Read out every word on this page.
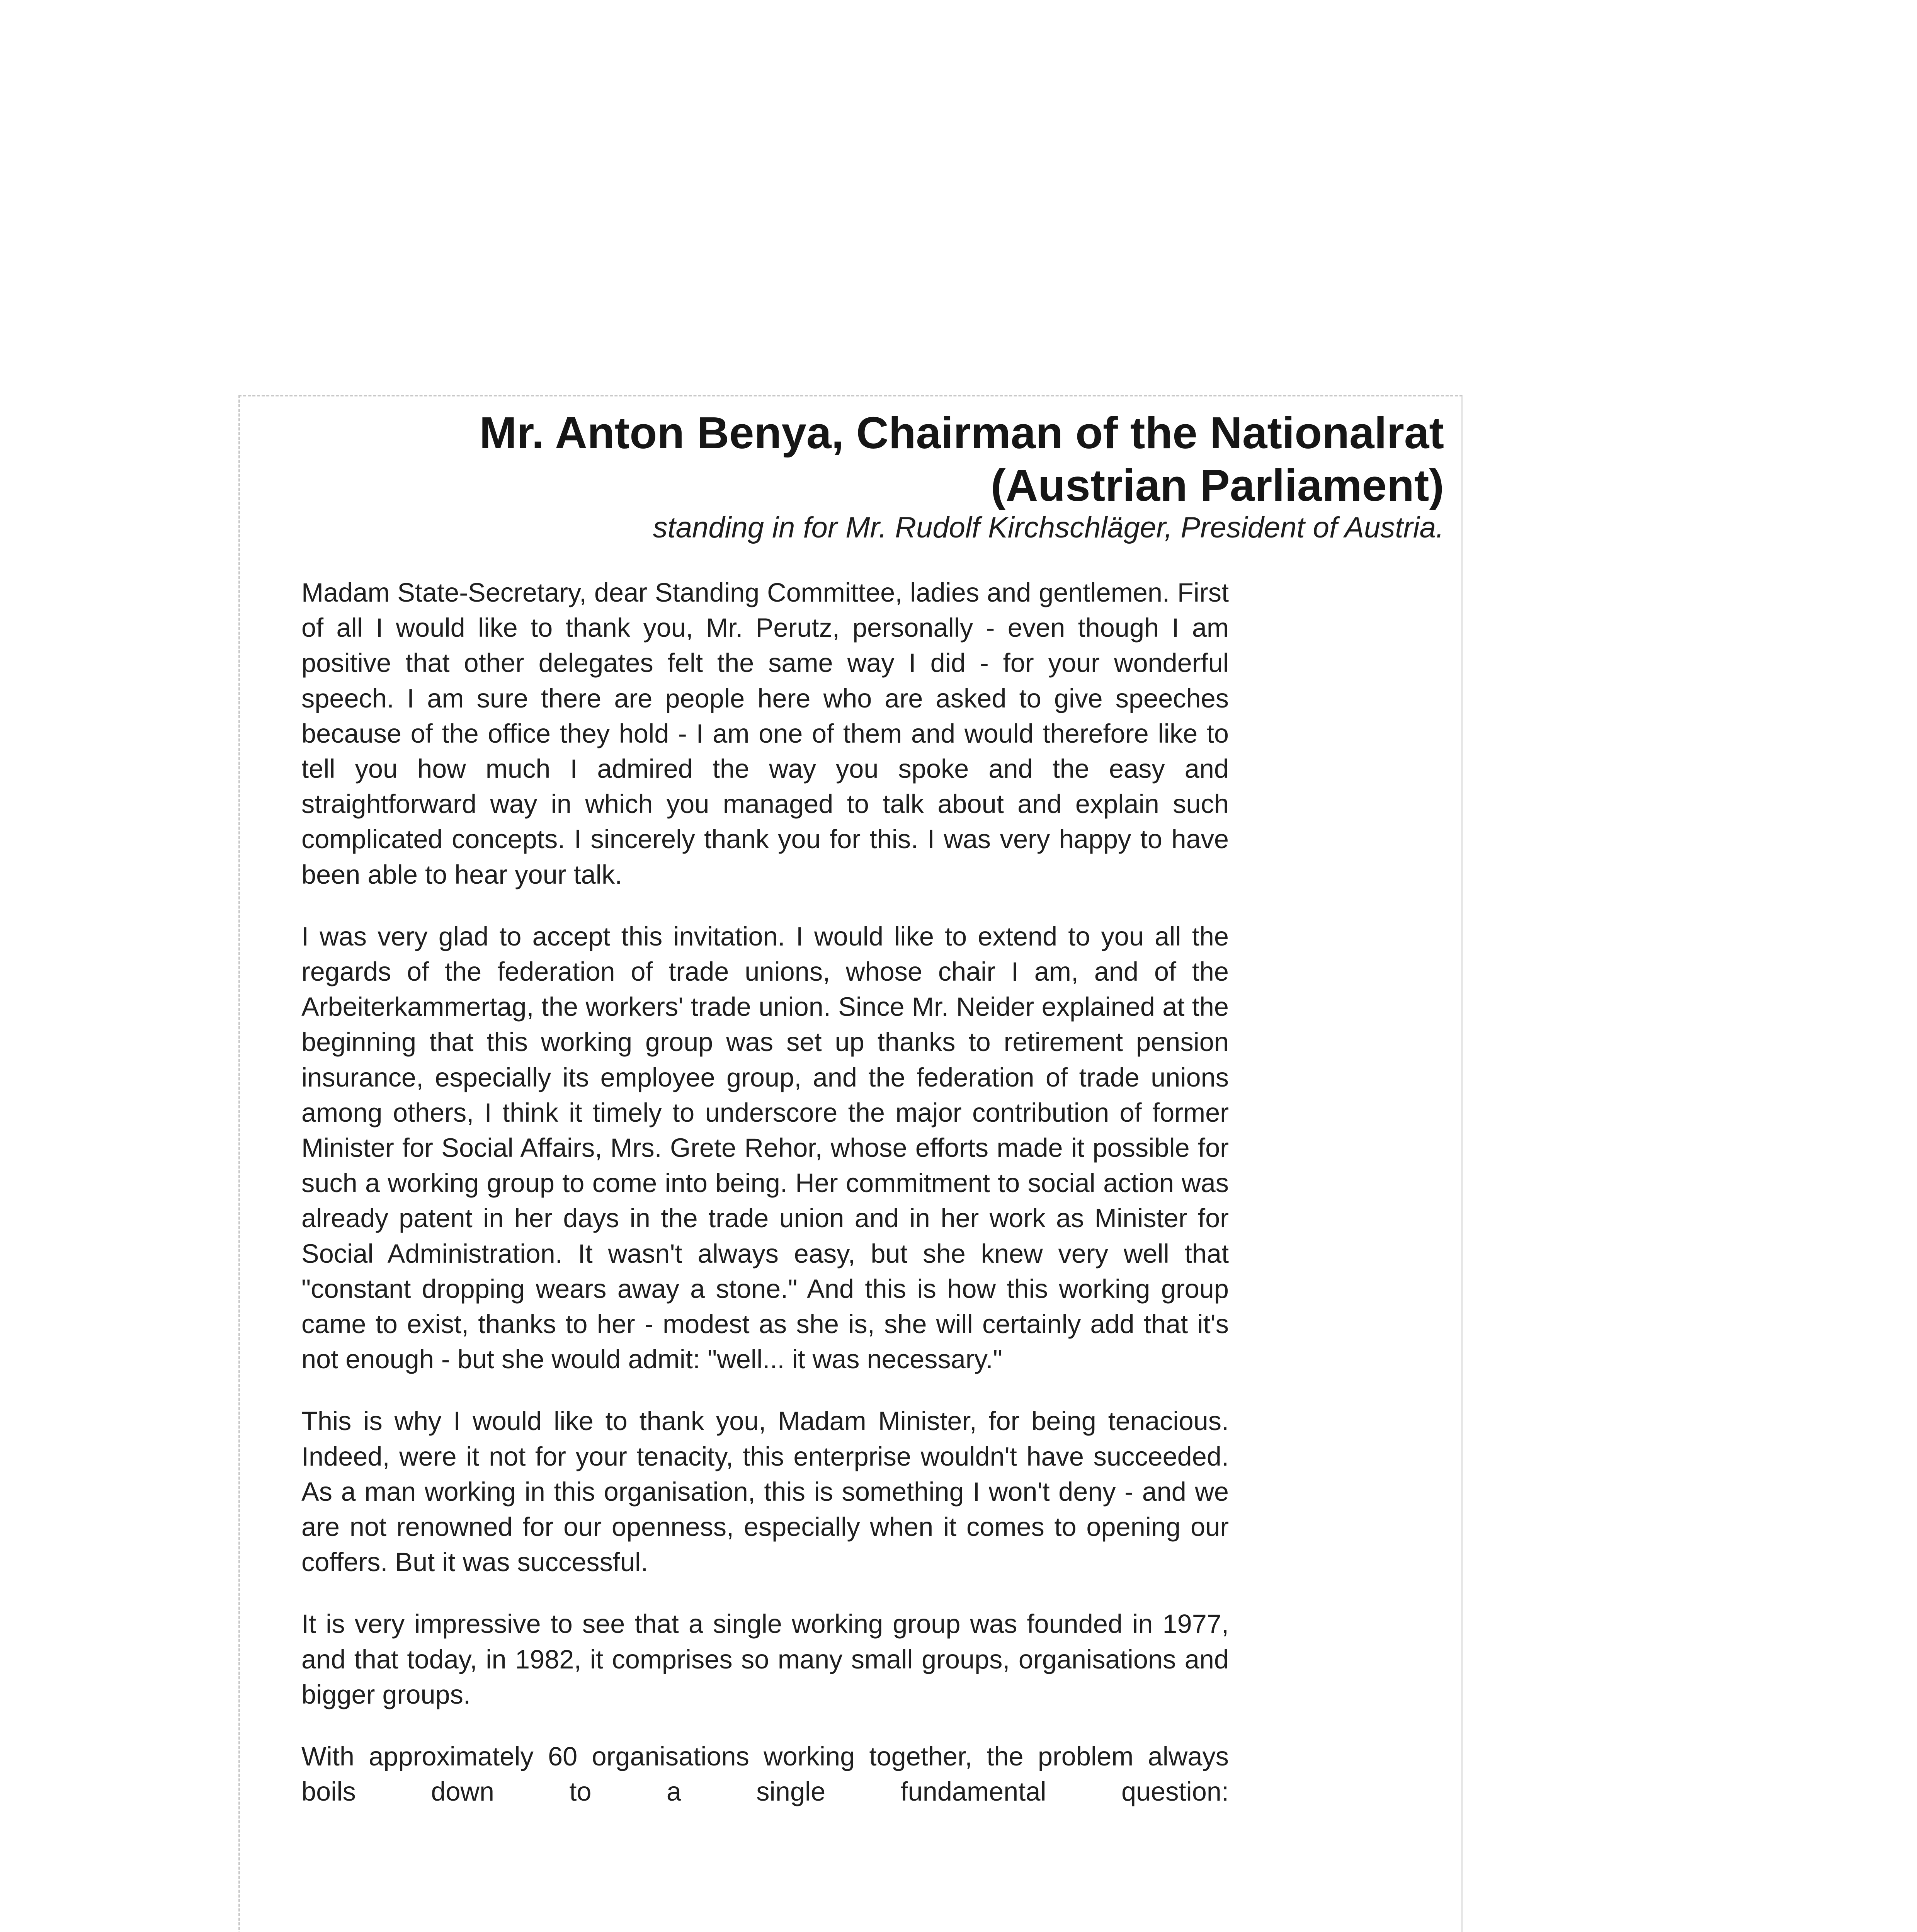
Mr. Anton Benya, Chairman of the Nationalrat
(Austrian Parliament)
standing in for Mr. Rudolf Kirchschläger, President of Austria.

Madam State-Secretary, dear Standing Committee, ladies and gentlemen. First of all I would like to thank you, Mr. Perutz, personally - even though I am positive that other delegates felt the same way I did - for your wonderful speech. I am sure there are people here who are asked to give speeches because of the office they hold - I am one of them and would therefore like to tell you how much I admired the way you spoke and the easy and straightforward way in which you managed to talk about and explain such complicated concepts. I sincerely thank you for this. I was very happy to have been able to hear your talk.

I was very glad to accept this invitation. I would like to extend to you all the regards of the federation of trade unions, whose chair I am, and of the Arbeiterkammertag, the workers' trade union. Since Mr. Neider explained at the beginning that this working group was set up thanks to retirement pension insurance, especially its employee group, and the federation of trade unions among others, I think it timely to underscore the major contribution of former Minister for Social Affairs, Mrs. Grete Rehor, whose efforts made it possible for such a working group to come into being. Her commitment to social action was already patent in her days in the trade union and in her work as Minister for Social Administration. It wasn't always easy, but she knew very well that "constant dropping wears away a stone." And this is how this working group came to exist, thanks to her - modest as she is, she will certainly add that it's not enough - but she would admit: "well... it was necessary."

This is why I would like to thank you, Madam Minister, for being tenacious. Indeed, were it not for your tenacity, this enterprise wouldn't have succeeded. As a man working in this organisation, this is something I won't deny - and we are not renowned for our openness, especially when it comes to opening our coffers. But it was successful.

It is very impressive to see that a single working group was founded in 1977, and that today, in 1982, it comprises so many small groups, organisations and bigger groups.

With approximately 60 organisations working together, the problem always boils down to a single fundamental question:
